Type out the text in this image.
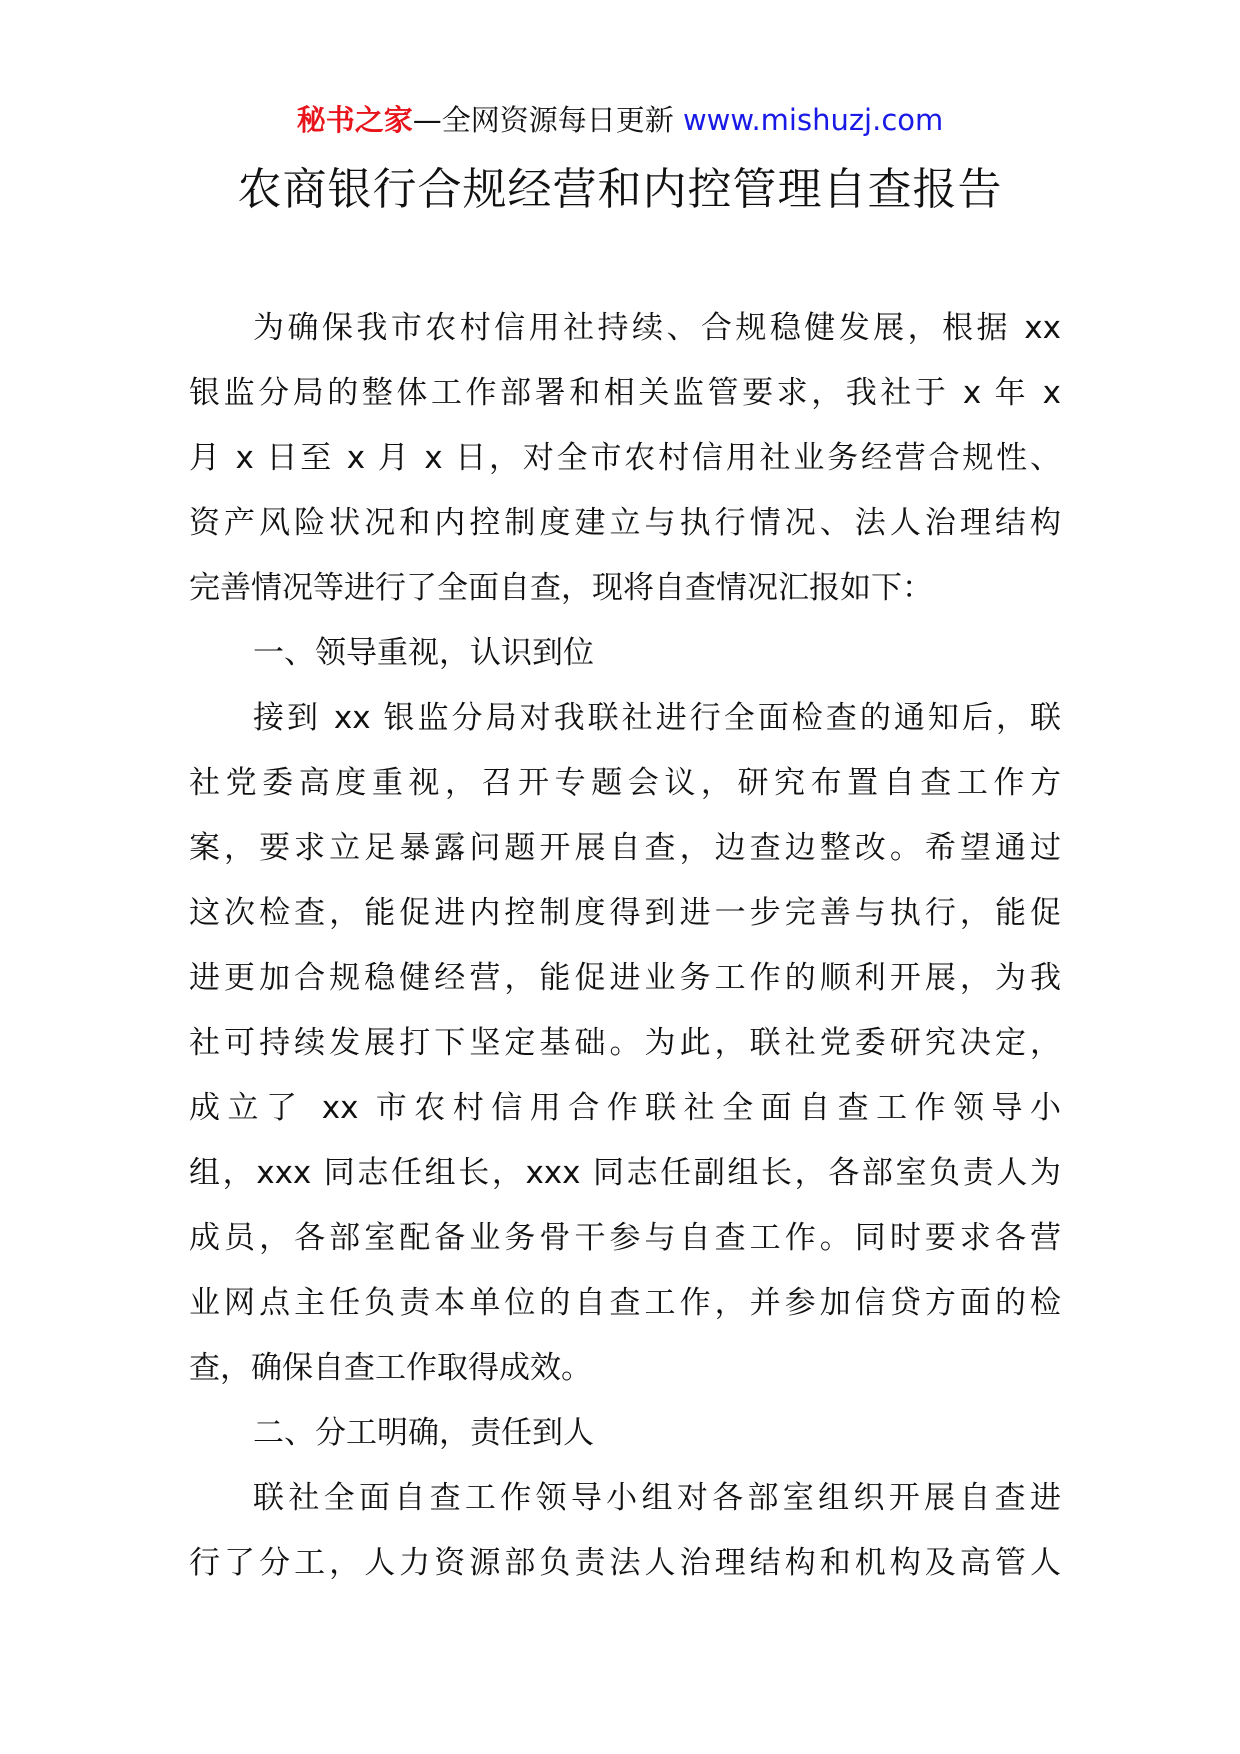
秘书之家—全网资源每日更新 www.mishuzj.com
农商银行合规经营和内控管理自查报告
为确保我市农村信用社持续、合规稳健发展，根据 xx
银监分局的整体工作部署和相关监管要求，我社于 x 年 x
月 x 日至 x 月 x 日，对全市农村信用社业务经营合规性、
资产风险状况和内控制度建立与执行情况、法人治理结构
完善情况等进行了全面自查，现将自查情况汇报如下：
一、领导重视，认识到位
接到 xx 银监分局对我联社进行全面检查的通知后，联
社党委高度重视，召开专题会议，研究布置自查工作方
案，要求立足暴露问题开展自查，边查边整改。希望通过
这次检查，能促进内控制度得到进一步完善与执行，能促
进更加合规稳健经营，能促进业务工作的顺利开展，为我
社可持续发展打下坚定基础。为此，联社党委研究决定，
成立了 xx 市农村信用合作联社全面自查工作领导小
组，xxx 同志任组长，xxx 同志任副组长，各部室负责人为
成员，各部室配备业务骨干参与自查工作。同时要求各营
业网点主任负责本单位的自查工作，并参加信贷方面的检
查，确保自查工作取得成效。
二、分工明确，责任到人
联社全面自查工作领导小组对各部室组织开展自查进
行了分工，人力资源部负责法人治理结构和机构及高管人
